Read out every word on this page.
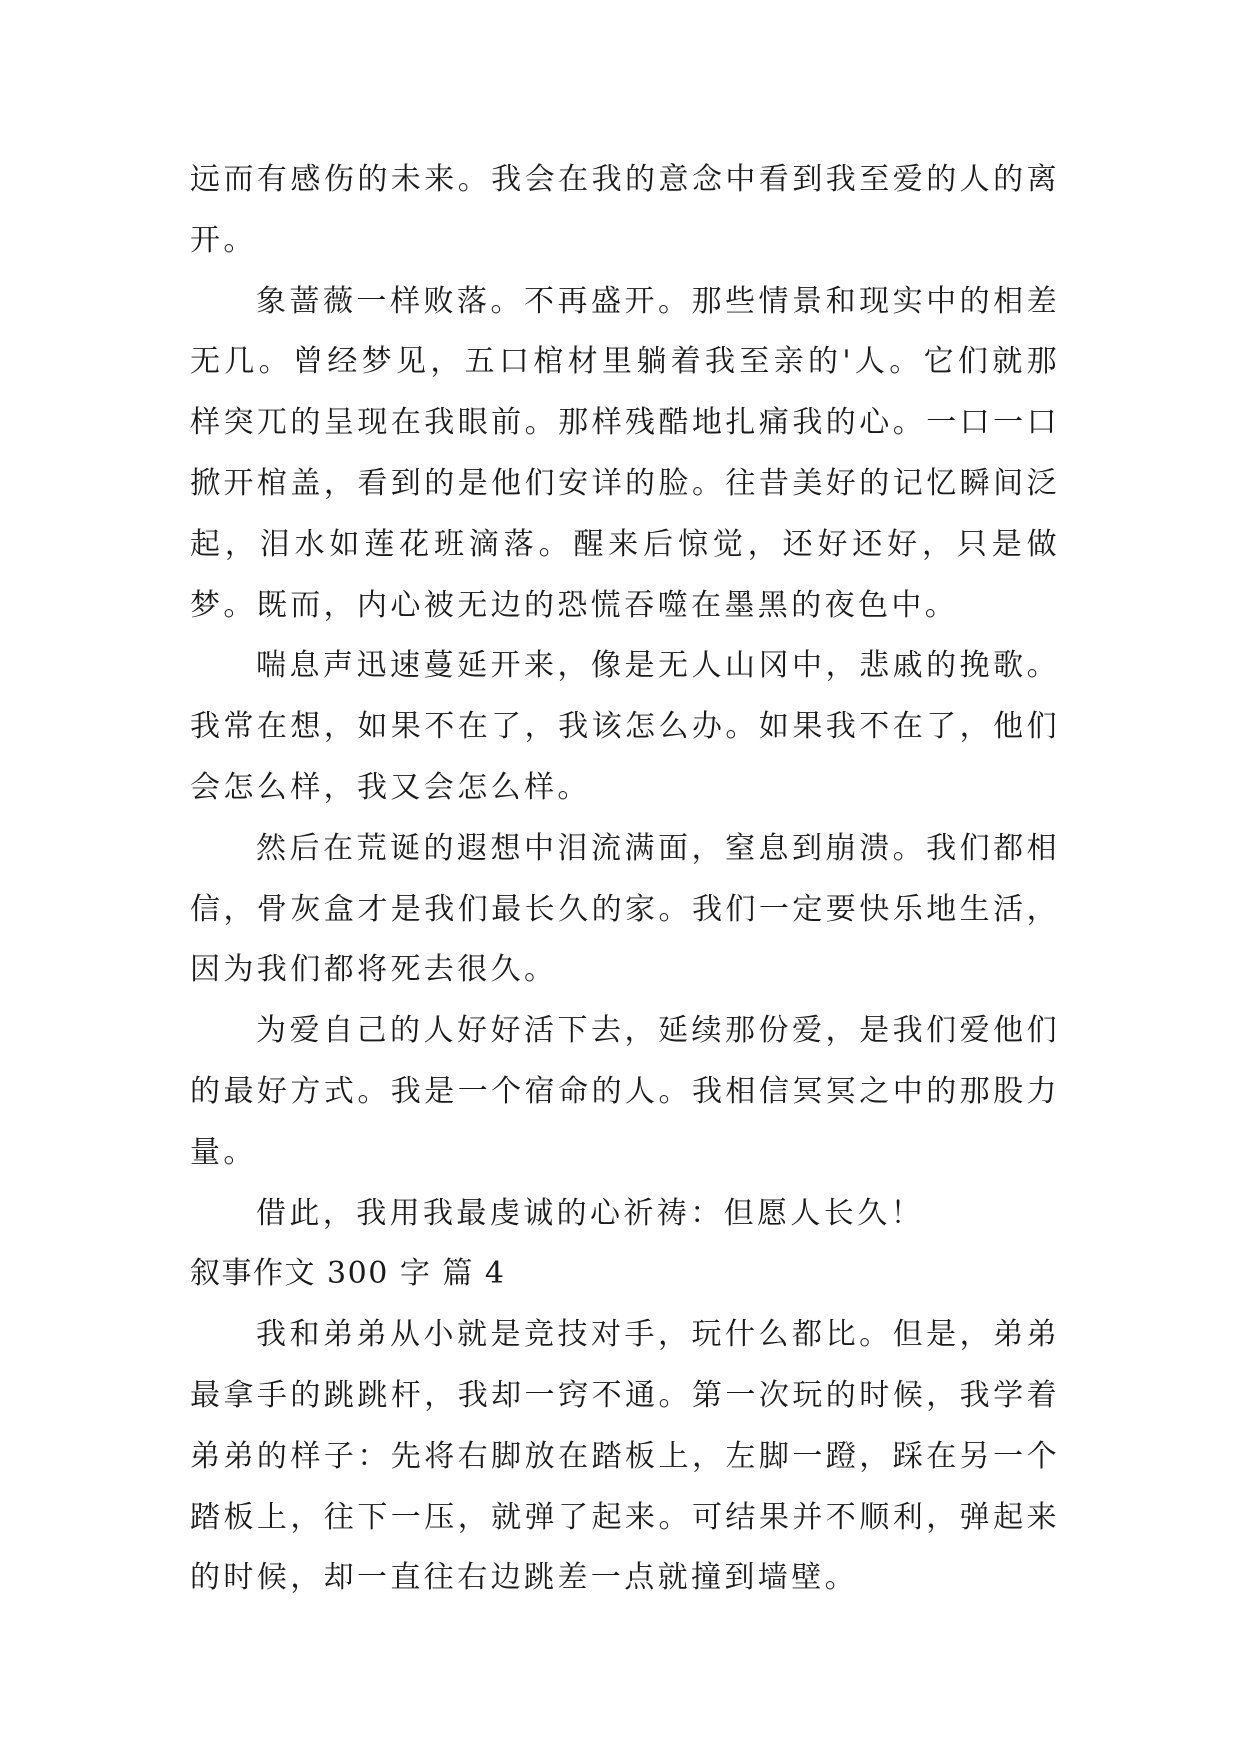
远而有感伤的未来。我会在我的意念中看到我至爱的人的离开。

象蔷薇一样败落。不再盛开。那些情景和现实中的相差无几。曾经梦见，五口棺材里躺着我至亲的'人。它们就那样突兀的呈现在我眼前。那样残酷地扎痛我的心。一口一口掀开棺盖，看到的是他们安详的脸。往昔美好的记忆瞬间泛起，泪水如莲花班滴落。醒来后惊觉，还好还好，只是做梦。既而，内心被无边的恐慌吞噬在墨黑的夜色中。

喘息声迅速蔓延开来，像是无人山冈中，悲戚的挽歌。我常在想，如果不在了，我该怎么办。如果我不在了，他们会怎么样，我又会怎么样。

然后在荒诞的遐想中泪流满面，窒息到崩溃。我们都相信，骨灰盒才是我们最长久的家。我们一定要快乐地生活，因为我们都将死去很久。

为爱自己的人好好活下去，延续那份爱，是我们爱他们的最好方式。我是一个宿命的人。我相信冥冥之中的那股力量。

借此，我用我最虔诚的心祈祷：但愿人长久！

叙事作文 300 字 篇 4

我和弟弟从小就是竞技对手，玩什么都比。但是，弟弟最拿手的跳跳杆，我却一窍不通。第一次玩的时候，我学着弟弟的样子：先将右脚放在踏板上，左脚一蹬，踩在另一个踏板上，往下一压，就弹了起来。可结果并不顺利，弹起来的时候，却一直往右边跳差一点就撞到墙壁。
